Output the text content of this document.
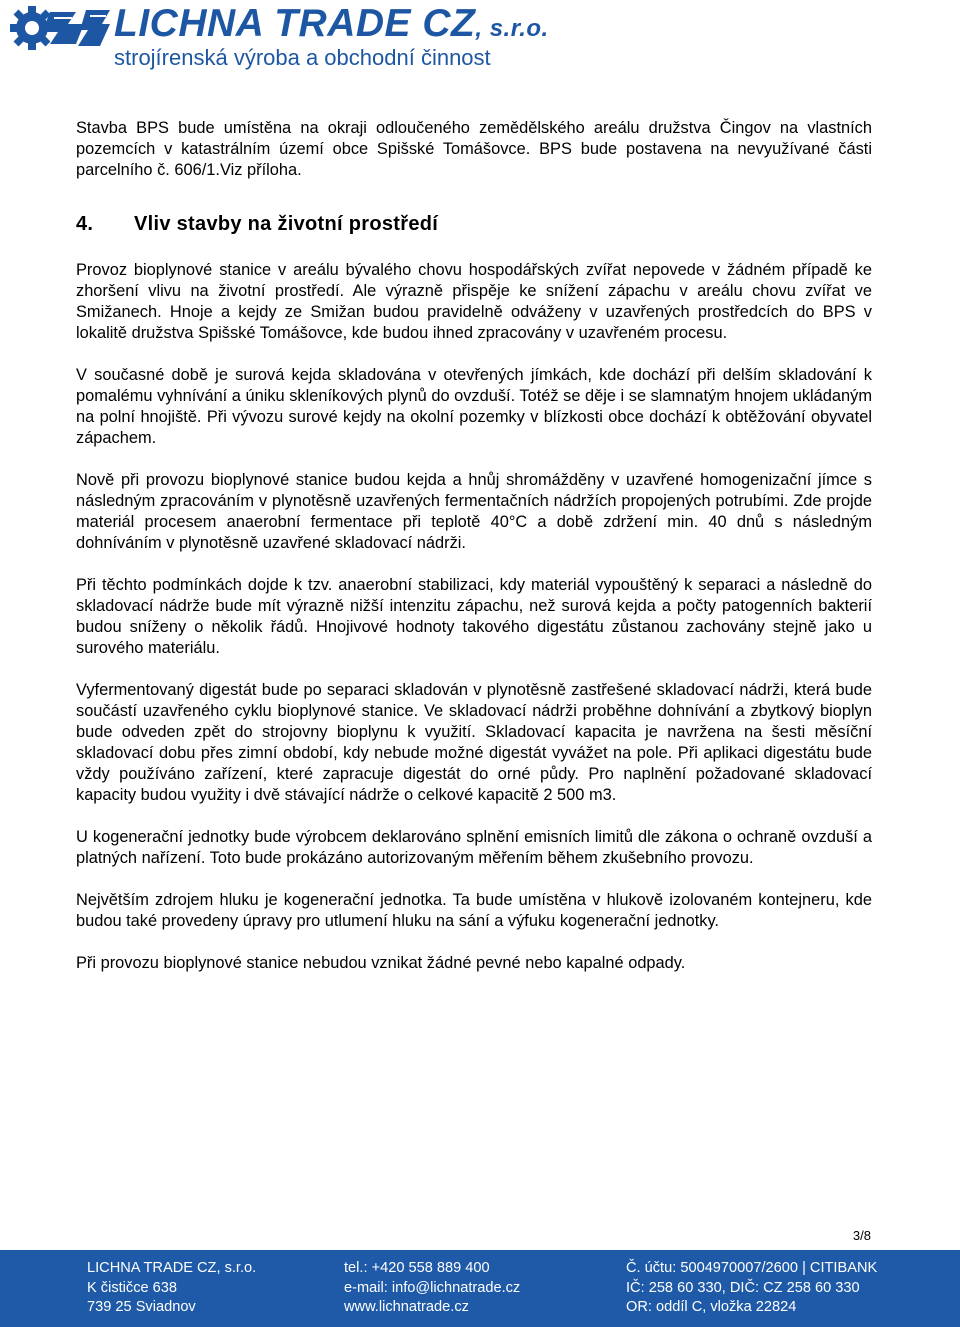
LICHNA TRADE CZ, s.r.o.
strojírenská výroba a obchodní činnost

Stavba BPS bude umístěna na okraji odloučeného zemědělského areálu družstva Čingov na vlastních pozemcích v katastrálním území obce Spišské Tomášovce. BPS bude postavena na nevyužívané části parcelního č. 606/1.Viz příloha.

4. Vliv stavby na životní prostředí

Provoz bioplynové stanice v areálu bývalého chovu hospodářských zvířat nepovede v žádném případě ke zhoršení vlivu na životní prostředí. Ale výrazně přispěje ke snížení zápachu v areálu chovu zvířat ve Smižanech. Hnoje a kejdy ze Smižan budou pravidelně odváženy v uzavřených prostředcích do BPS v lokalitě družstva Spišské Tomášovce, kde budou ihned zpracovány v uzavřeném procesu.

V současné době je surová kejda skladována v otevřených jímkách, kde dochází při delším skladování k pomalému vyhnívání a úniku skleníkových plynů do ovzduší. Totéž se děje i se slamnatým hnojem ukládaným na polní hnojiště. Při vývozu surové kejdy na okolní pozemky v blízkosti obce dochází k obtěžování obyvatel zápachem.

Nově při provozu bioplynové stanice budou kejda a hnůj shromážděny v uzavřené homogenizační jímce s následným zpracováním v plynotěsně uzavřených fermentačních nádržích propojených potrubími. Zde projde materiál procesem anaerobní fermentace při teplotě 40°C a době zdržení min. 40 dnů s následným dohníváním v plynotěsně uzavřené skladovací nádrži.

Při těchto podmínkách dojde k tzv. anaerobní stabilizaci, kdy materiál vypouštěný k separaci a následně do skladovací nádrže bude mít výrazně nižší intenzitu zápachu, než surová kejda a počty patogenních bakterií budou sníženy o několik řádů. Hnojivové hodnoty takového digestátu zůstanou zachovány stejně jako u surového materiálu.

Vyfermentovaný digestát bude po separaci skladován v plynotěsně zastřešené skladovací nádrži, která bude součástí uzavřeného cyklu bioplynové stanice. Ve skladovací nádrži proběhne dohnívání a zbytkový bioplyn bude odveden zpět do strojovny bioplynu k využití. Skladovací kapacita je navržena na šesti měsíční skladovací dobu přes zimní období, kdy nebude možné digestát vyvážet na pole. Při aplikaci digestátu bude vždy používáno zařízení, které zapracuje digestát do orné půdy. Pro naplnění požadované skladovací kapacity budou využity i dvě stávající nádrže o celkové kapacitě 2 500 m3.

U kogenerační jednotky bude výrobcem deklarováno splnění emisních limitů dle zákona o ochraně ovzduší a platných nařízení. Toto bude prokázáno autorizovaným měřením během zkušebního provozu.

Největším zdrojem hluku je kogenerační jednotka. Ta bude umístěna v hlukově izolovaném kontejneru, kde budou také provedeny úpravy pro utlumení hluku na sání a výfuku kogenerační jednotky.

Při provozu bioplynové stanice nebudou vznikat žádné pevné nebo kapalné odpady.

3/8
LICHNA TRADE CZ, s.r.o.
K čističce 638
739 25 Sviadnov
tel.: +420 558 889 400
e-mail: info@lichnatrade.cz
www.lichnatrade.cz
Č. účtu: 5004970007/2600 | CITIBANK
IČ: 258 60 330, DIČ: CZ 258 60 330
OR: oddíl C, vložka 22824
